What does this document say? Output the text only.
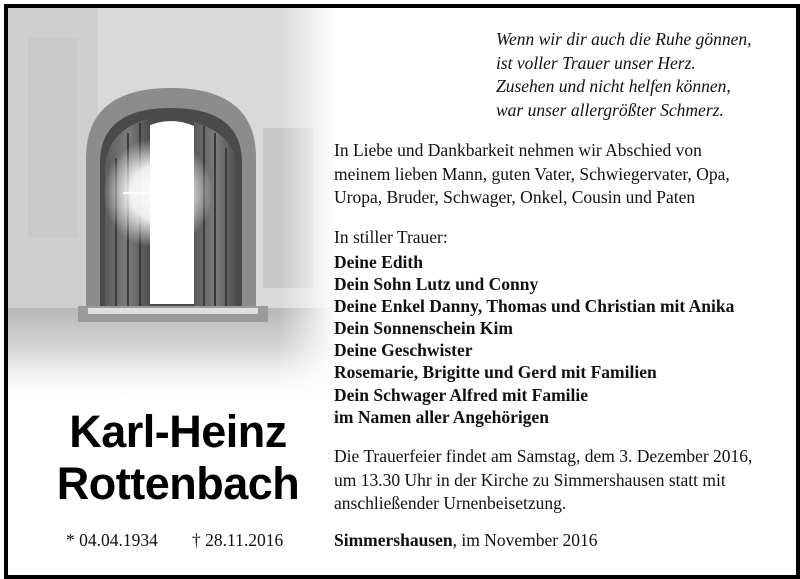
Wenn wir dir auch die Ruhe gönnen,
ist voller Trauer unser Herz.
Zusehen und nicht helfen können,
war unser allergrößter Schmerz.
In Liebe und Dankbarkeit nehmen wir Abschied von
meinem lieben Mann, guten Vater, Schwiegervater, Opa,
Uropa, Bruder, Schwager, Onkel, Cousin und Paten
In stiller Trauer:
Deine Edith
Dein Sohn Lutz und Conny
Deine Enkel Danny, Thomas und Christian mit Anika
Dein Sonnenschein Kim
Deine Geschwister
Rosemarie, Brigitte und Gerd mit Familien
Dein Schwager Alfred mit Familie
im Namen aller Angehörigen
Die Trauerfeier findet am Samstag, dem 3. Dezember 2016,
um 13.30 Uhr in der Kirche zu Simmershausen statt mit
anschließender Urnenbeisetzung.
Simmershausen, im November 2016
Karl-Heinz
Rottenbach
* 04.04.1934 † 28.11.2016
